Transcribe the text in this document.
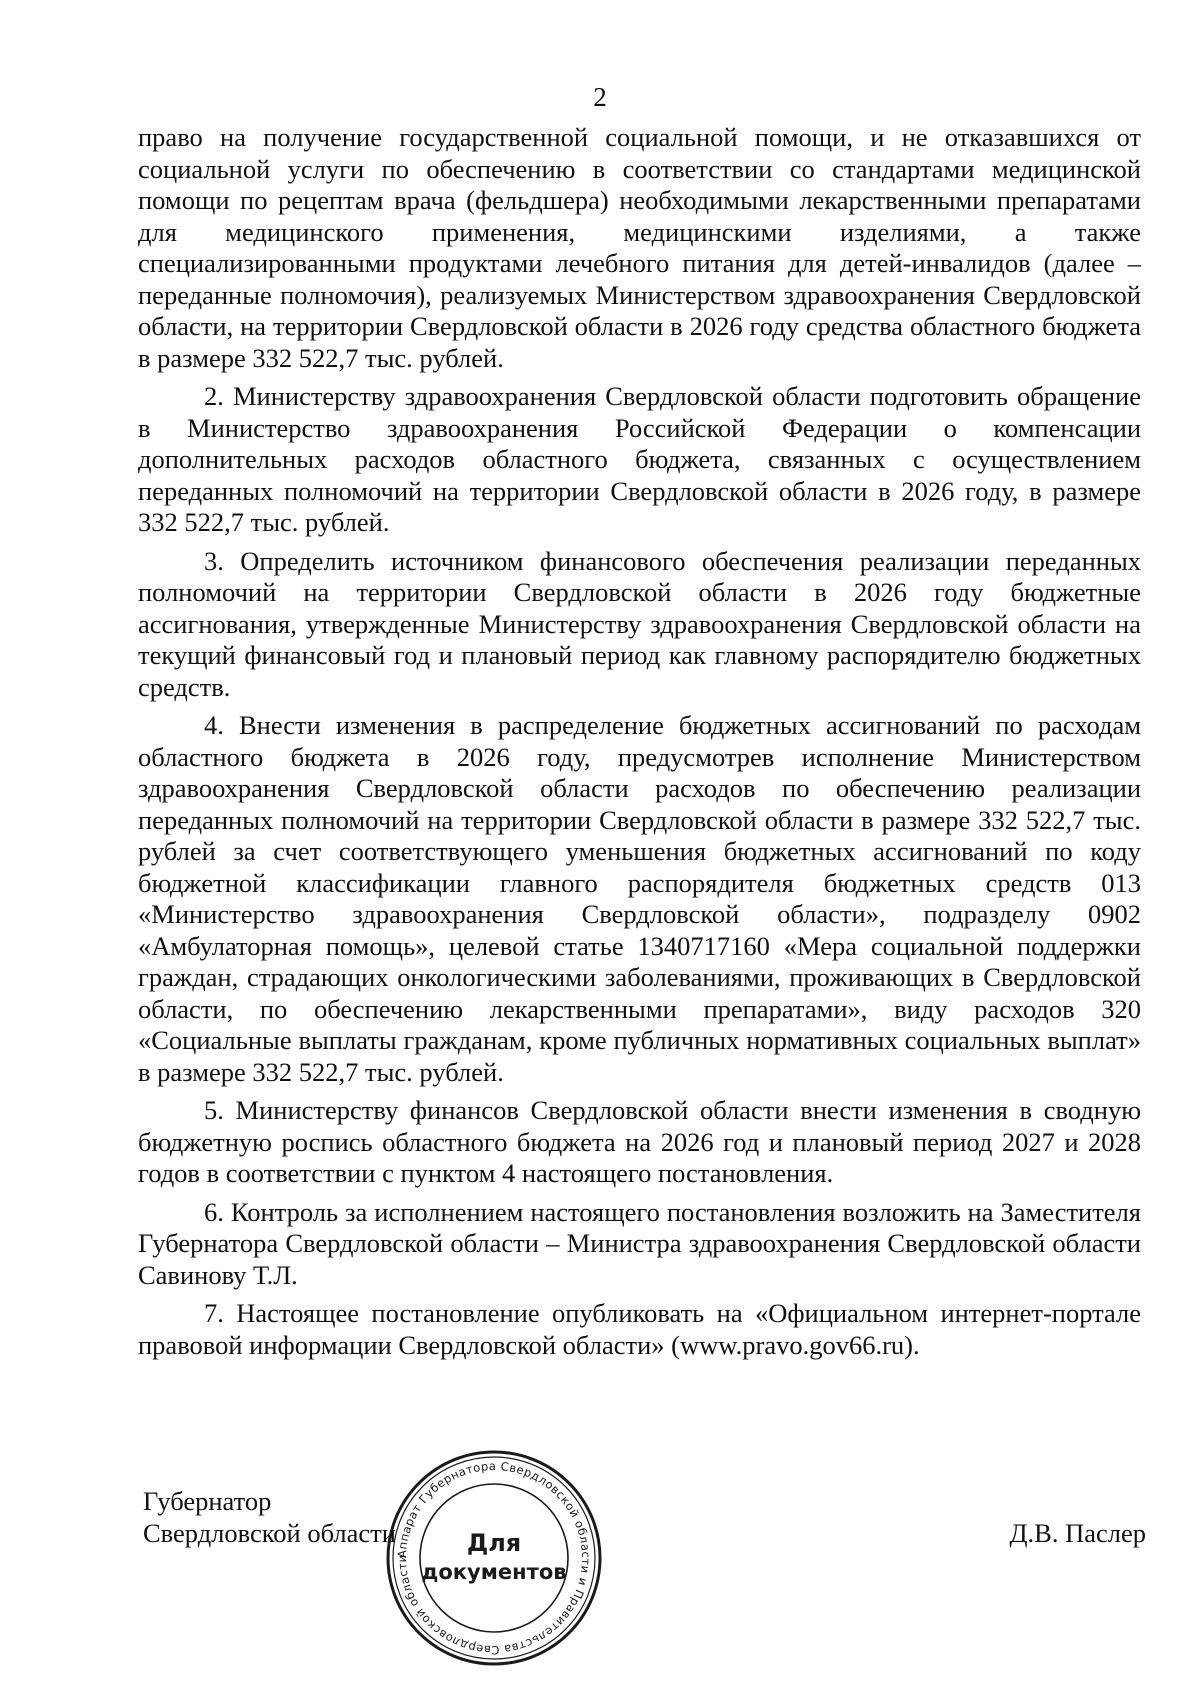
2

право на получение государственной социальной помощи, и не отказавшихся от социальной услуги по обеспечению в соответствии со стандартами медицинской помощи по рецептам врача (фельдшера) необходимыми лекарственными препаратами для медицинского применения, медицинскими изделиями, а также специализированными продуктами лечебного питания для детей-инвалидов (далее – переданные полномочия), реализуемых Министерством здравоохранения Свердловской области, на территории Свердловской области в 2026 году средства областного бюджета в размере 332 522,7 тыс. рублей.

2. Министерству здравоохранения Свердловской области подготовить обращение в Министерство здравоохранения Российской Федерации о компенсации дополнительных расходов областного бюджета, связанных с осуществлением переданных полномочий на территории Свердловской области в 2026 году, в размере 332 522,7 тыс. рублей.

3. Определить источником финансового обеспечения реализации переданных полномочий на территории Свердловской области в 2026 году бюджетные ассигнования, утвержденные Министерству здравоохранения Свердловской области на текущий финансовый год и плановый период как главному распорядителю бюджетных средств.

4. Внести изменения в распределение бюджетных ассигнований по расходам областного бюджета в 2026 году, предусмотрев исполнение Министерством здравоохранения Свердловской области расходов по обеспечению реализации переданных полномочий на территории Свердловской области в размере 332 522,7 тыс. рублей за счет соответствующего уменьшения бюджетных ассигнований по коду бюджетной классификации главного распорядителя бюджетных средств 013 «Министерство здравоохранения Свердловской области», подразделу 0902 «Амбулаторная помощь», целевой статье 1340717160 «Мера социальной поддержки граждан, страдающих онкологическими заболеваниями, проживающих в Свердловской области, по обеспечению лекарственными препаратами», виду расходов 320 «Социальные выплаты гражданам, кроме публичных нормативных социальных выплат» в размере 332 522,7 тыс. рублей.

5. Министерству финансов Свердловской области внести изменения в сводную бюджетную роспись областного бюджета на 2026 год и плановый период 2027 и 2028 годов в соответствии с пунктом 4 настоящего постановления.

6. Контроль за исполнением настоящего постановления возложить на Заместителя Губернатора Свердловской области – Министра здравоохранения Свердловской области Савинову Т.Л.

7. Настоящее постановление опубликовать на «Официальном интернет-портале правовой информации Свердловской области» (www.pravo.gov66.ru).

Губернатор
Свердловской области	Д.В. Паслер
Аппарат Губернатора Свердловской области и Правительства Свердловской области
Для
документов
